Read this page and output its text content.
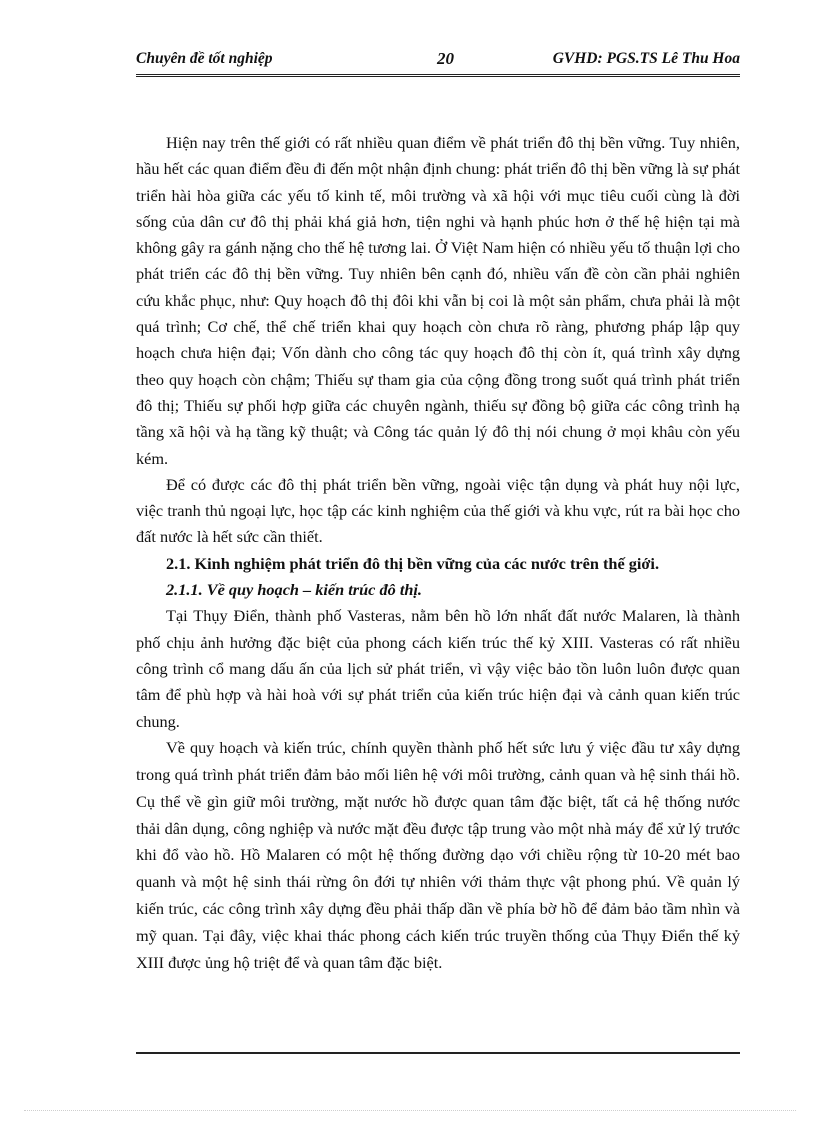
Chuyên đề tốt nghiệp	20	GVHD: PGS.TS Lê Thu Hoa

Hiện nay trên thế giới có rất nhiều quan điểm về phát triển đô thị bền vững. Tuy nhiên, hầu hết các quan điểm đều đi đến một nhận định chung: phát triển đô thị bền vững là sự phát triển hài hòa giữa các yếu tố kinh tế, môi trường và xã hội với mục tiêu cuối cùng là đời sống của dân cư đô thị phải khá giả hơn, tiện nghi và hạnh phúc hơn ở thế hệ hiện tại mà không gây ra gánh nặng cho thế hệ tương lai. Ở Việt Nam hiện có nhiều yếu tố thuận lợi cho phát triển các đô thị bền vững. Tuy nhiên bên cạnh đó, nhiều vấn đề còn cần phải nghiên cứu khắc phục, như: Quy hoạch đô thị đôi khi vẫn bị coi là một sản phẩm, chưa phải là một quá trình; Cơ chế, thể chế triển khai quy hoạch còn chưa rõ ràng, phương pháp lập quy hoạch chưa hiện đại; Vốn dành cho công tác quy hoạch đô thị còn ít, quá trình xây dựng theo quy hoạch còn chậm; Thiếu sự tham gia của cộng đồng trong suốt quá trình phát triển đô thị; Thiếu sự phối hợp giữa các chuyên ngành, thiếu sự đồng bộ giữa các công trình hạ tầng xã hội và hạ tầng kỹ thuật; và Công tác quản lý đô thị nói chung ở mọi khâu còn yếu kém.

Để có được các đô thị phát triển bền vững, ngoài việc tận dụng và phát huy nội lực, việc tranh thủ ngoại lực, học tập các kinh nghiệm của thế giới và khu vực, rút ra bài học cho đất nước là hết sức cần thiết.

2.1. Kinh nghiệm phát triển đô thị bền vững của các nước trên thế giới.

2.1.1. Về quy hoạch – kiến trúc đô thị.

Tại Thụy Điển, thành phố Vasteras, nằm bên hồ lớn nhất đất nước Malaren, là thành phố chịu ảnh hưởng đặc biệt của phong cách kiến trúc thế kỷ XIII. Vasteras có rất nhiều công trình cổ mang dấu ấn của lịch sử phát triển, vì vậy việc bảo tồn luôn luôn được quan tâm để phù hợp và hài hoà với sự phát triển của kiến trúc hiện đại và cảnh quan kiến trúc chung.

Về quy hoạch và kiến trúc, chính quyền thành phố hết sức lưu ý việc đầu tư xây dựng trong quá trình phát triển đảm bảo mối liên hệ với môi trường, cảnh quan và hệ sinh thái hồ. Cụ thể về gìn giữ môi trường, mặt nước hồ được quan tâm đặc biệt, tất cả hệ thống nước thải dân dụng, công nghiệp và nước mặt đều được tập trung vào một nhà máy để xử lý trước khi đổ vào hồ. Hồ Malaren có một hệ thống đường dạo với chiều rộng từ 10-20 mét bao quanh và một hệ sinh thái rừng ôn đới tự nhiên với thảm thực vật phong phú. Về quản lý kiến trúc, các công trình xây dựng đều phải thấp dần về phía bờ hồ để đảm bảo tầm nhìn và mỹ quan. Tại đây, việc khai thác phong cách kiến trúc truyền thống của Thụy Điển thế kỷ XIII được ủng hộ triệt để và quan tâm đặc biệt.
